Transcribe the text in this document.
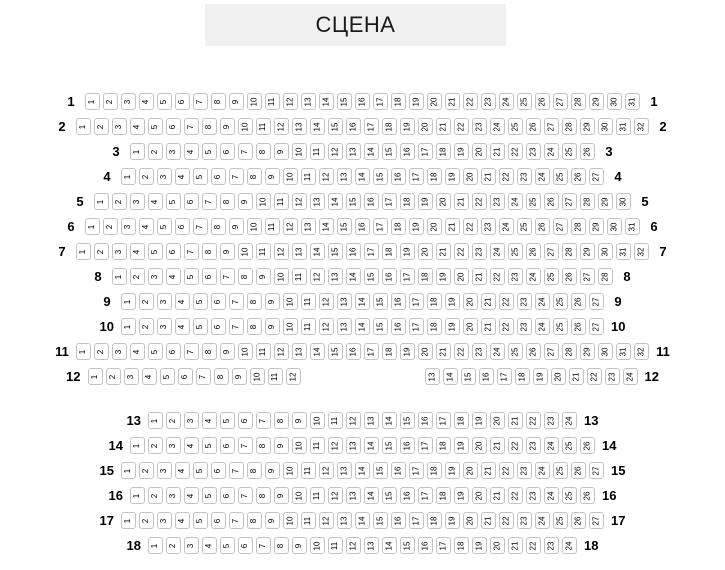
СЦЕНА
1	1 2 3 4 5 6 7 8 9 10 11 12 13 14 15 16 17 18 19 20 21 22 23 24 25 26 27 28 29 30 31 1
2	1 2 3 4 5 6 7 8 9 10 11 12 13 14 15 16 17 18 19 20 21 22 23 24 25 26 27 28 29 30 31 32 2
3	1 2 3 4 5 6 7 8 9 10 11 12 13 14 15 16 17 18 19 20 21 22 23 24 25 26 3
4	1 2 3 4 5 6 7 8 9 10 11 12 13 14 15 16 17 18 19 20 21 22 23 24 25 26 27 4
5	1 2 3 4 5 6 7 8 9 10 11 12 13 14 15 16 17 18 19 20 21 22 23 24 25 26 27 28 29 30 5
6	1 2 3 4 5 6 7 8 9 10 11 12 13 14 15 16 17 18 19 20 21 22 23 24 25 26 27 28 29 30 31 6
7	1 2 3 4 5 6 7 8 9 10 11 12 13 14 15 16 17 18 19 20 21 22 23 24 25 26 27 28 29 30 31 32 7
8	1 2 3 4 5 6 7 8 9 10 11 12 13 14 15 16 17 18 19 20 21 22 23 24 25 26 27 28 8
9	1 2 3 4 5 6 7 8 9 10 11 12 13 14 15 16 17 18 19 20 21 22 23 24 25 26 27 9
10 1 2 3 4 5 6 7 8 9 10 11 12 13 14 15 16 17 18 19 20 21 22 23 24 25 26 27 10
11 1 2 3 4 5 6 7 8 9 10 11 12 13 14 15 16 17 18 19 20 21 22 23 24 25 26 27 28 29 30 31 32 11
12 1 2 3 4 5 6 7 8 9 10 11 12	13 14 15 16 17 18 19 20 21 22 23 24 12
13 1 2 3 4 5 6 7 8 9 10 11 12 13 14 15 16 17 18 19 20 21 22 23 24 13
14 1 2 3 4 5 6 7 8 9 10 11 12 13 14 15 16 17 18 19 20 21 22 23 24 25 26 14
15 1 2 3 4 5 6 7 8 9 10 11 12 13 14 15 16 17 18 19 20 21 22 23 24 25 26 27 15
16 1 2 3 4 5 6 7 8 9 10 11 12 13 14 15 16 17 18 19 20 21 22 23 24 25 26 16
17 1 2 3 4 5 6 7 8 9 10 11 12 13 14 15 16 17 18 19 20 21 22 23 24 25 26 27 17
18 1 2 3 4 5 6 7 8 9 10 11 12 13 14 15 16 17 18 19 20 21 22 23 24 18
